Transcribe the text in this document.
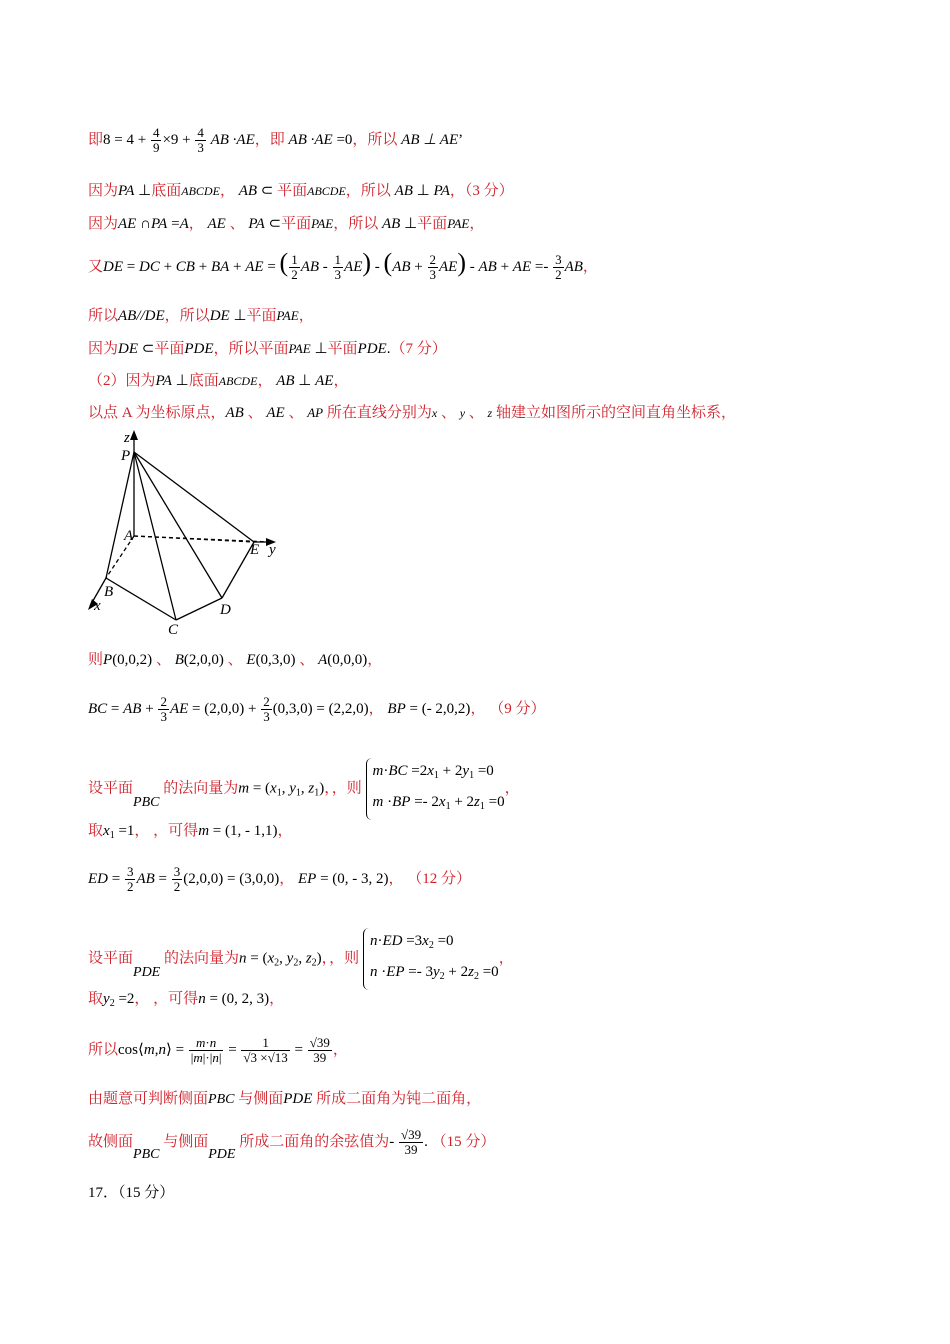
即$8 = 4 + \frac{4}{9} \times 9 + \frac{4}{3}$ AB ·AE，即 AB ·AE =0，所以 AB ⊥ AE’
因为PA ⊥底面ABCDE， AB ⊂ 平面ABCDE，所以 AB ⊥ PA，（3 分）
因为AE ∩PA =A， AE 、 PA ⊂平面PAE，所以 AB ⊥平面PAE，
又DE = DC + CB + BA + AE = ( $\frac{1}{2}$ AB - $\frac{1}{3} AE) - (AB + \frac{2}{3} AE)$ - AB + AE =- $\frac{3}{2}$ AB，
所以AB//DE，所以DE ⊥平面PAE，
因为DE ⊂平面PDE，所以平面PAE ⊥平面PDE.（7 分）
（2）因为PA ⊥底面ABCDE， AB ⊥ AE，
以点 A 为坐标原点，AB 、 AE 、 AP 所在直线分别为x 、 y 、 z 轴建立如图所示的空间直角坐标系，
z
P
A
E y
B
x
C
D
则P(0,0,2) 、 B(2,0,0) 、 E(0,3,0) 、 A(0,0,0)，
BC = AB + $\frac{2}{3}$ AE = $(2,0,0) + \frac{2}{3} (0,3,0) = (2,2,0)$， BP = (- 2,0,2)， （9 分）
设平面PBC 的法向量为$m = (x_1$, $y_1$, $z_1$)，，则 $m\cdot BC =2x_1 + 2y_1 =0$
$m \cdot BP =- 2x_1 + 2z_1 =0$，
取$x_1 =1$， ，可得m = (1, - 1,1)，
ED = $\frac{3}{2}$ AB = $\frac{3}{2} (2,0,0) = (3,0,0)$， EP = (0, - 3, 2)， （12 分）
设平面PDE 的法向量为$n = (x_2$, $y_2$, $z_2$)，，则 $n\cdot ED =3x_2 =0$
$n \cdot EP =- 3y_2 + 2z_2 =0$，
取$y_2 =2$， ，可得n = (0, 2, 3)，
所以cos⟨m,n⟩ = $\frac{m\cdot n}{|m|\cdot|n|} = \frac{1}{√3 \times√13} = \frac{√39}{39}$ ，
由题意可判断侧面PBC 与侧面PDE 所成二面角为钝二面角，
故侧面PBC 与侧面PDE 所成二面角的余弦值为- $\frac{√39}{39}$ . （15 分）
17．（15 分）
